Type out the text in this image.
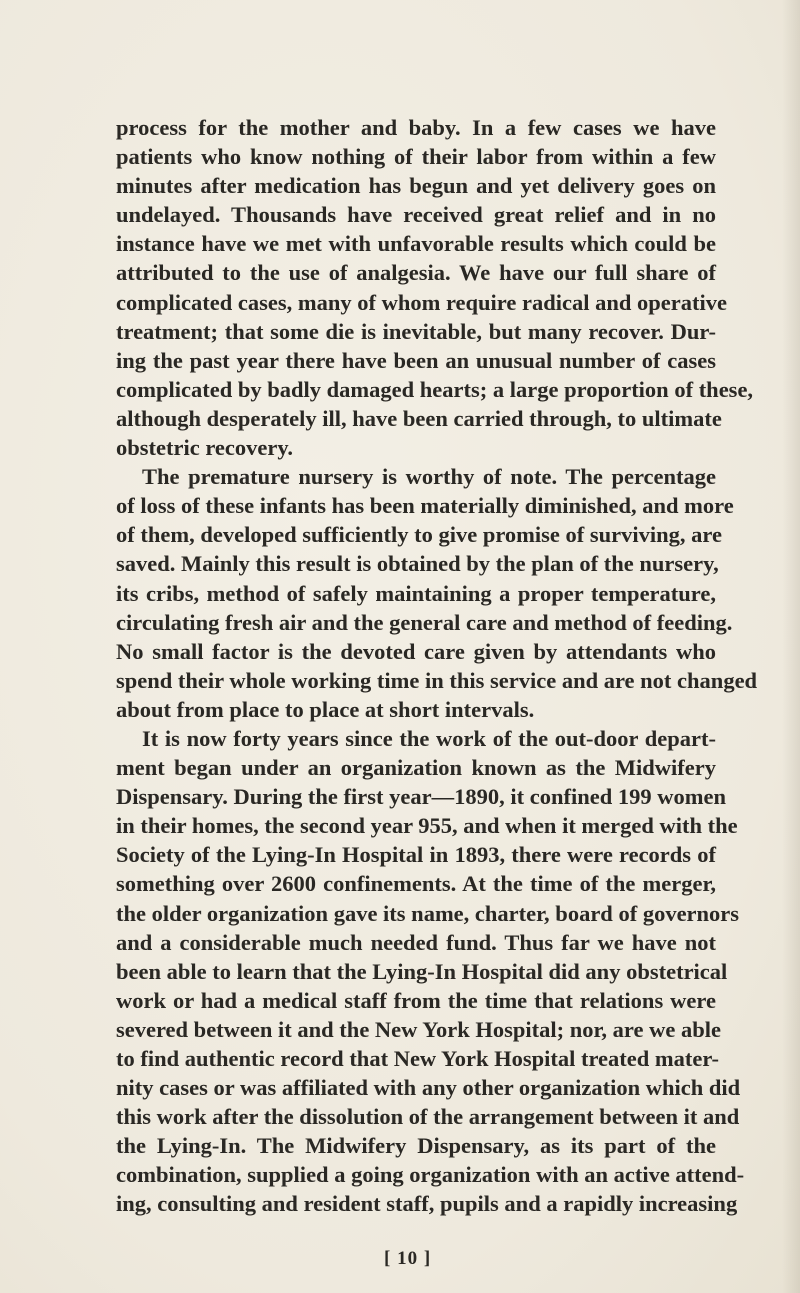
process for the mother and baby. In a few cases we have
patients who know nothing of their labor from within a few
minutes after medication has begun and yet delivery goes on
undelayed. Thousands have received great relief and in no
instance have we met with unfavorable results which could be
attributed to the use of analgesia. We have our full share of
complicated cases, many of whom require radical and operative
treatment; that some die is inevitable, but many recover. Dur-
ing the past year there have been an unusual number of cases
complicated by badly damaged hearts; a large proportion of these,
although desperately ill, have been carried through, to ultimate
obstetric recovery.
The premature nursery is worthy of note. The percentage
of loss of these infants has been materially diminished, and more
of them, developed sufficiently to give promise of surviving, are
saved. Mainly this result is obtained by the plan of the nursery,
its cribs, method of safely maintaining a proper temperature,
circulating fresh air and the general care and method of feeding.
No small factor is the devoted care given by attendants who
spend their whole working time in this service and are not changed
about from place to place at short intervals.
It is now forty years since the work of the out-door depart-
ment began under an organization known as the Midwifery
Dispensary. During the first year—1890, it confined 199 women
in their homes, the second year 955, and when it merged with the
Society of the Lying-In Hospital in 1893, there were records of
something over 2600 confinements. At the time of the merger,
the older organization gave its name, charter, board of governors
and a considerable much needed fund. Thus far we have not
been able to learn that the Lying-In Hospital did any obstetrical
work or had a medical staff from the time that relations were
severed between it and the New York Hospital; nor, are we able
to find authentic record that New York Hospital treated mater-
nity cases or was affiliated with any other organization which did
this work after the dissolution of the arrangement between it and
the Lying-In. The Midwifery Dispensary, as its part of the
combination, supplied a going organization with an active attend-
ing, consulting and resident staff, pupils and a rapidly increasing
[ 10 ]
